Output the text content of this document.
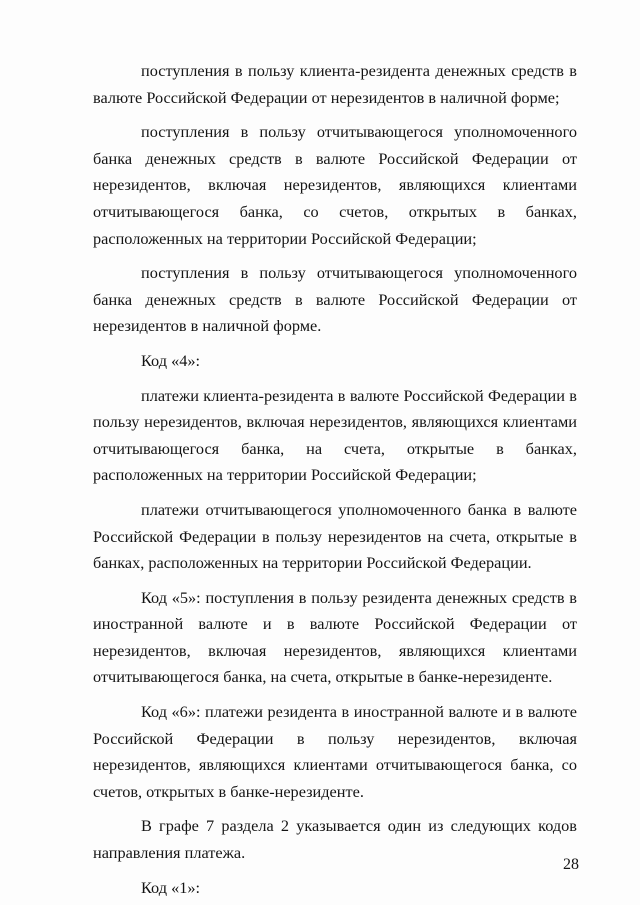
поступления в пользу клиента-резидента денежных средств в валюте Российской Федерации от нерезидентов в наличной форме;

поступления в пользу отчитывающегося уполномоченного банка денежных средств в валюте Российской Федерации от нерезидентов, включая нерезидентов, являющихся клиентами отчитывающегося банка, со счетов, открытых в банках, расположенных на территории Российской Федерации;

поступления в пользу отчитывающегося уполномоченного банка денежных средств в валюте Российской Федерации от нерезидентов в наличной форме.

Код «4»:

платежи клиента-резидента в валюте Российской Федерации в пользу нерезидентов, включая нерезидентов, являющихся клиентами отчитывающегося банка, на счета, открытые в банках, расположенных на территории Российской Федерации;

платежи отчитывающегося уполномоченного банка в валюте Российской Федерации в пользу нерезидентов на счета, открытые в банках, расположенных на территории Российской Федерации.

Код «5»: поступления в пользу резидента денежных средств в иностранной валюте и в валюте Российской Федерации от нерезидентов, включая нерезидентов, являющихся клиентами отчитывающегося банка, на счета, открытые в банке-нерезиденте.

Код «6»: платежи резидента в иностранной валюте и в валюте Российской Федерации в пользу нерезидентов, включая нерезидентов, являющихся клиентами отчитывающегося банка, со счетов, открытых в банке-нерезиденте.

В графе 7 раздела 2 указывается один из следующих кодов направления платежа.

Код «1»:

28
